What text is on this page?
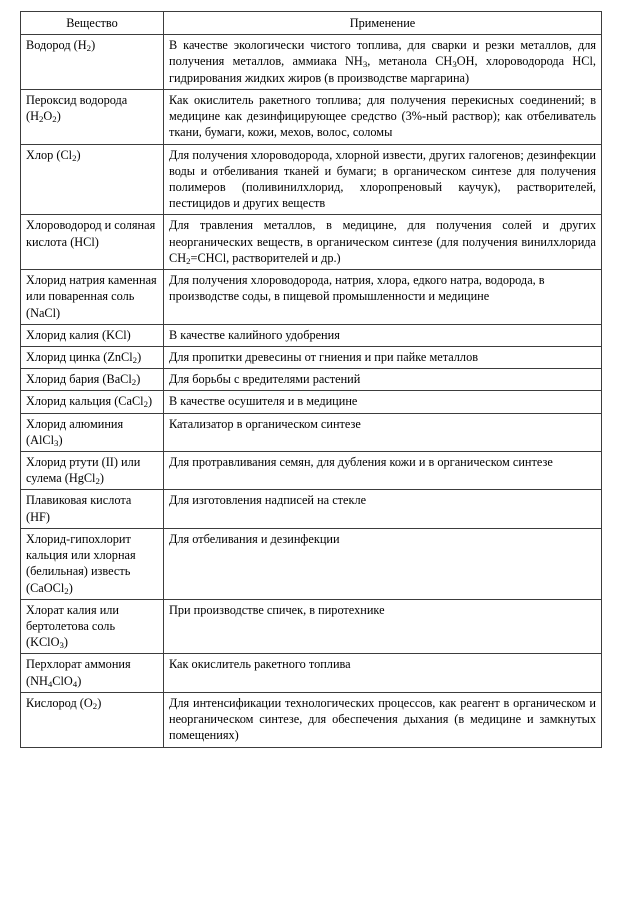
Вещество	Применение
Водород $(H_2)$	В качестве экологически чистого топлива, для сварки и резки металлов, для получения металлов, аммиака $NH_3$, метанола $CH_3OH$, хлороводорода HCl, гидрирования жидких жиров (в производстве маргарина)
Пероксид водорода $(H_2O_2)$	Как окислитель ракетного топлива; для получения перекисных соединений; в медицине как дезинфицирующее средство (3%-ный раствор); как отбеливатель ткани, бумаги, кожи, мехов, волос, соломы
Хлор $(Cl_2)$	Для получения хлороводорода, хлорной извести, других галогенов; дезинфекции воды и отбеливания тканей и бумаги; в органическом синтезе для получения полимеров (поливинилхлорид, хлоропреновый каучук), растворителей, пестицидов и других веществ
Хлороводород и соляная кислота (HCl)	Для травления металлов, в медицине, для получения солей и других неорганических веществ, в органическом синтезе (для получения винилхлорида $CH_2=CHCl$, растворителей и др.)
Хлорид натрия каменная или поваренная соль (NaCl)	Для получения хлороводорода, натрия, хлора, едкого натра, водорода, в производстве соды, в пищевой промышленности и медицине
Хлорид калия (KCl)	В качестве калийного удобрения
Хлорид цинка (ZnCl$_2$)	Для пропитки древесины от гниения и при пайке металлов
Хлорид бария (BaCl$_2$)	Для борьбы с вредителями растений
Хлорид кальция (CaCl$_2$)	В качестве осушителя и в медицине
Хлорид алюминия (AlCl$_3$)	Катализатор в органическом синтезе
Хлорид ртути (II) или сулема (HgCl$_2$)	Для протравливания семян, для дубления кожи и в органическом синтезе
Плавиковая кислота (HF)	Для изготовления надписей на стекле
Хлорид-гипохлорит кальция или хлорная (белильная) известь (CaOCl$_2$)	Для отбеливания и дезинфекции
Хлорат калия или бертолетова соль (KClO$_3$)	При производстве спичек, в пиротехнике
Перхлорат аммония $(NH_4ClO_4)$	Как окислитель ракетного топлива
Кислород $(O_2)$	Для интенсификации технологических процессов, как реагент в органическом и неорганическом синтезе, для обеспечения дыхания (в медицине и замкнутых помещениях)
